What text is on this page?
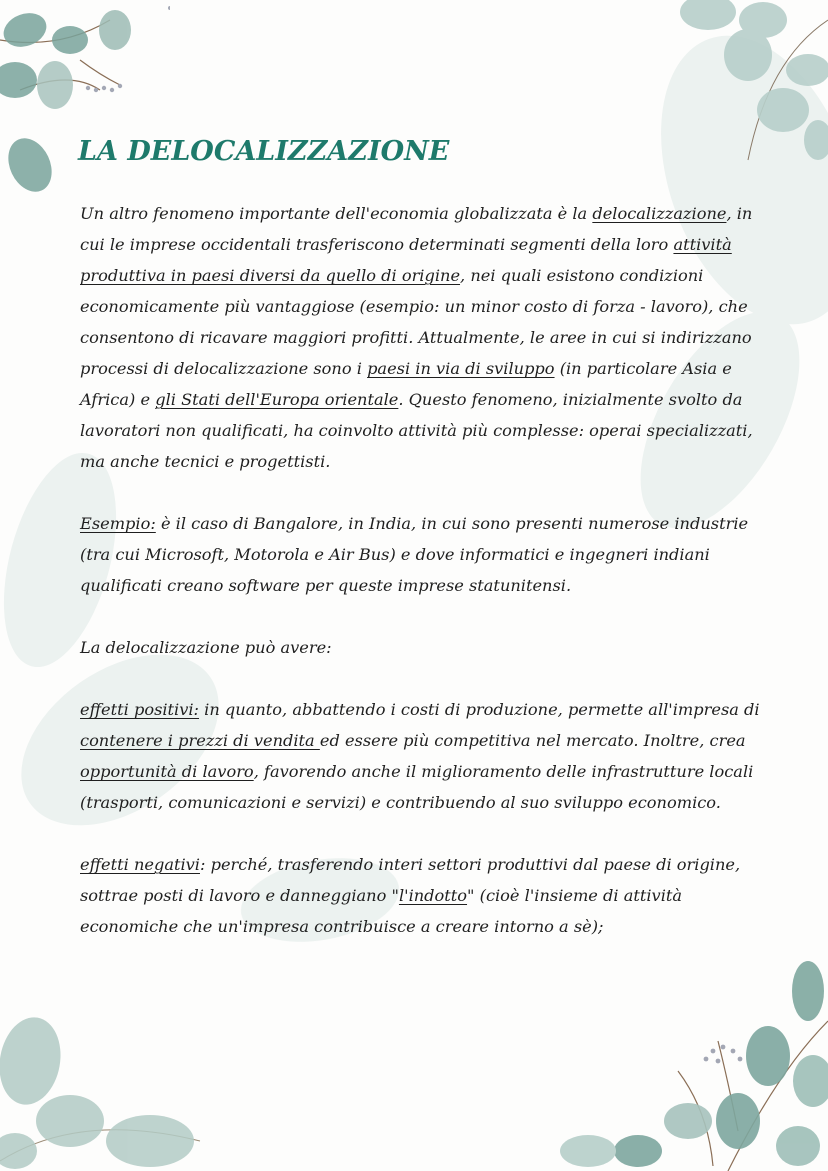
LA DELOCALIZZAZIONE

Un altro fenomeno importante dell'economia globalizzata è la delocalizzazione, in cui le imprese occidentali trasferiscono determinati segmenti della loro attività produttiva in paesi diversi da quello di origine, nei quali esistono condizioni economicamente più vantaggiose (esempio: un minor costo di forza - lavoro), che consentono di ricavare maggiori profitti. Attualmente, le aree in cui si indirizzano processi di delocalizzazione sono i paesi in via di sviluppo (in particolare Asia e Africa) e gli Stati dell'Europa orientale. Questo fenomeno, inizialmente svolto da lavoratori non qualificati, ha coinvolto attività più complesse: operai specializzati, ma anche tecnici e progettisti.

Esempio: è il caso di Bangalore, in India, in cui sono presenti numerose industrie (tra cui Microsoft, Motorola e Air Bus) e dove informatici e ingegneri indiani qualificati creano software per queste imprese statunitensi.

La delocalizzazione può avere:

effetti positivi: in quanto, abbattendo i costi di produzione, permette all'impresa di contenere i prezzi di vendita ed essere più competitiva nel mercato. Inoltre, crea opportunità di lavoro, favorendo anche il miglioramento delle infrastrutture locali (trasporti, comunicazioni e servizi) e contribuendo al suo sviluppo economico.

effetti negativi: perché, trasferendo interi settori produttivi dal paese di origine, sottrae posti di lavoro e danneggiano "l'indotto" (cioè l'insieme di attività economiche che un'impresa contribuisce a creare intorno a sè);
